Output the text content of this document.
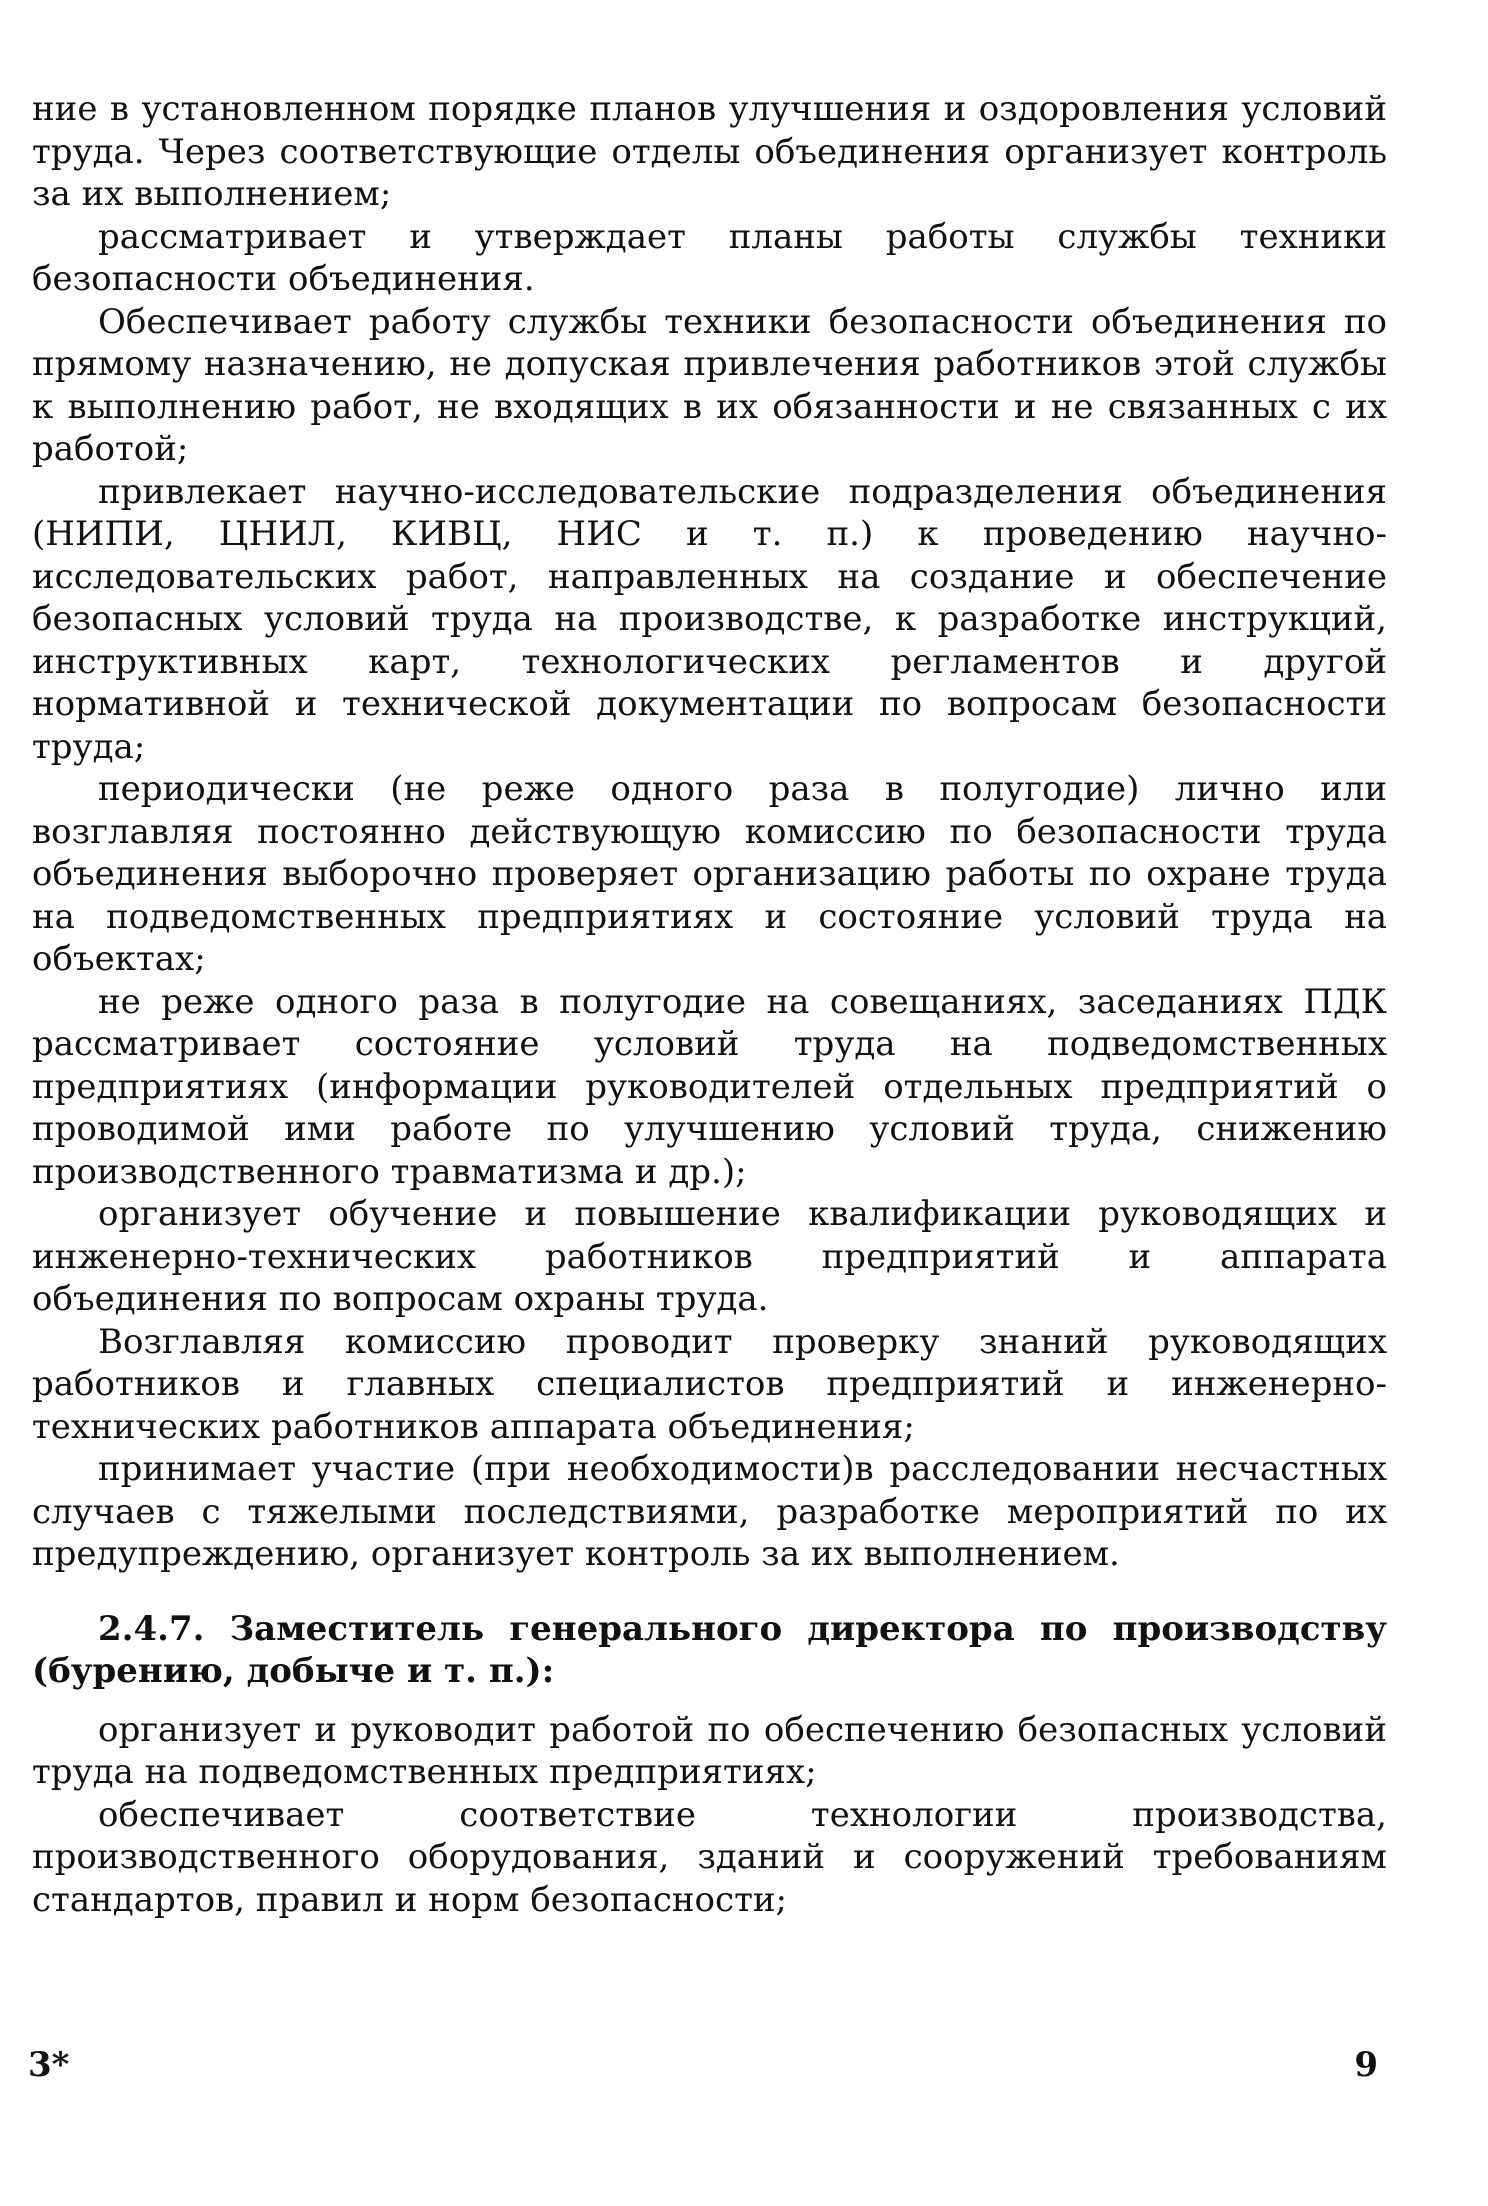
ние в установленном порядке планов улучшения и оздоровления условий труда. Через соответствующие отделы объединения организует контроль за их выполнением;

рассматривает и утверждает планы работы службы техники безопасности объединения.

Обеспечивает работу службы техники безопасности объединения по прямому назначению, не допуская привлечения работников этой службы к выполнению работ, не входящих в их обязанности и не связанных с их работой;

привлекает научно-исследовательские подразделения объединения (НИПИ, ЦНИЛ, КИВЦ, НИС и т. п.) к проведению научно-исследовательских работ, направленных на создание и обеспечение безопасных условий труда на производстве, к разработке инструкций, инструктивных карт, технологических регламентов и другой нормативной и технической документации по вопросам безопасности труда;

периодически (не реже одного раза в полугодие) лично или возглавляя постоянно действующую комиссию по безопасности труда объединения выборочно проверяет организацию работы по охране труда на подведомственных предприятиях и состояние условий труда на объектах;

не реже одного раза в полугодие на совещаниях, заседаниях ПДК рассматривает состояние условий труда на подведомственных предприятиях (информации руководителей отдельных предприятий о проводимой ими работе по улучшению условий труда, снижению производственного травматизма и др.);

организует обучение и повышение квалификации руководящих и инженерно-технических работников предприятий и аппарата объединения по вопросам охраны труда.

Возглавляя комиссию проводит проверку знаний руководящих работников и главных специалистов предприятий и инженерно-технических работников аппарата объединения;

принимает участие (при необходимости)в расследовании несчастных случаев с тяжелыми последствиями, разработке мероприятий по их предупреждению, организует контроль за их выполнением.

2.4.7. Заместитель генерального директора по производству (бурению, добыче и т. п.):

организует и руководит работой по обеспечению безопасных условий труда на подведомственных предприятиях;

обеспечивает соответствие технологии производства, производственного оборудования, зданий и сооружений требованиям стандартов, правил и норм безопасности;

3*	9
